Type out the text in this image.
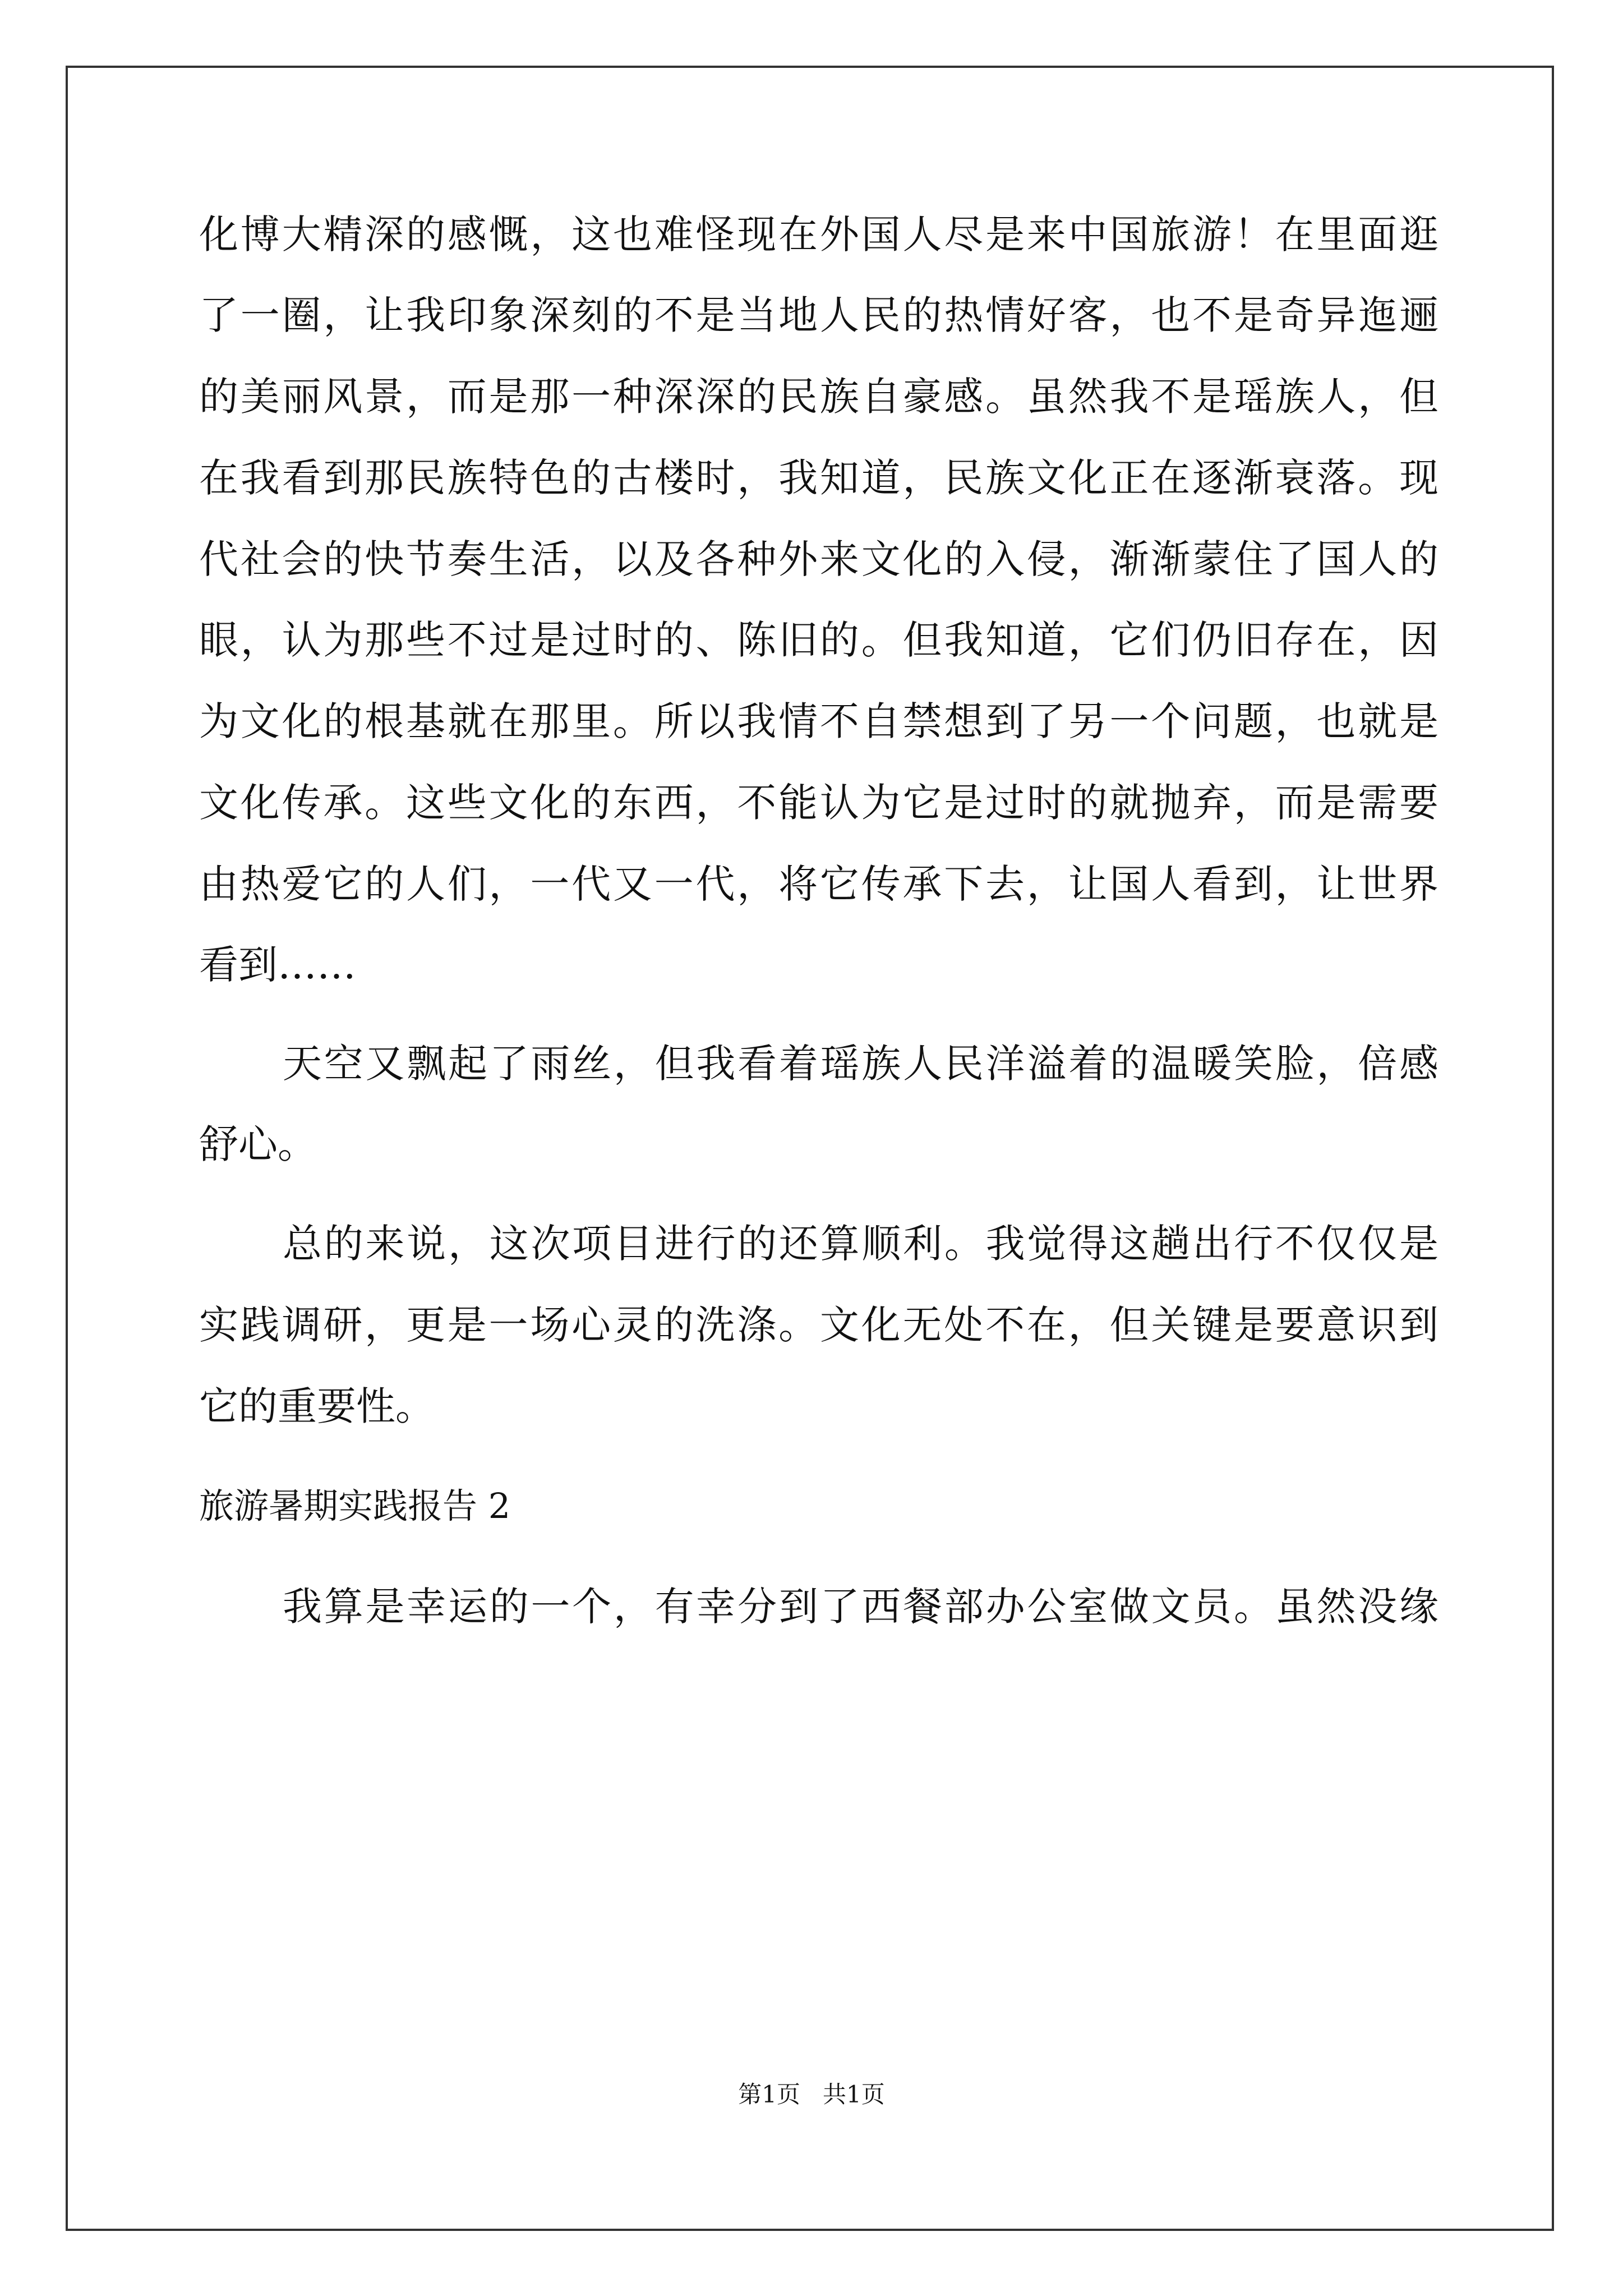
化博大精深的感慨，这也难怪现在外国人尽是来中国旅游！在里面逛
了一圈，让我印象深刻的不是当地人民的热情好客，也不是奇异迤逦
的美丽风景，而是那一种深深的民族自豪感。虽然我不是瑶族人，但
在我看到那民族特色的古楼时，我知道，民族文化正在逐渐衰落。现
代社会的快节奏生活，以及各种外来文化的入侵，渐渐蒙住了国人的
眼，认为那些不过是过时的、陈旧的。但我知道，它们仍旧存在，因
为文化的根基就在那里。所以我情不自禁想到了另一个问题，也就是
文化传承。这些文化的东西，不能认为它是过时的就抛弃，而是需要
由热爱它的人们，一代又一代，将它传承下去，让国人看到，让世界
看到……
天空又飘起了雨丝，但我看着瑶族人民洋溢着的温暖笑脸，倍感
舒心。
总的来说，这次项目进行的还算顺利。我觉得这趟出行不仅仅是
实践调研，更是一场心灵的洗涤。文化无处不在，但关键是要意识到
它的重要性。
旅游暑期实践报告 2
我算是幸运的一个，有幸分到了西餐部办公室做文员。虽然没缘
第1页   共1页
